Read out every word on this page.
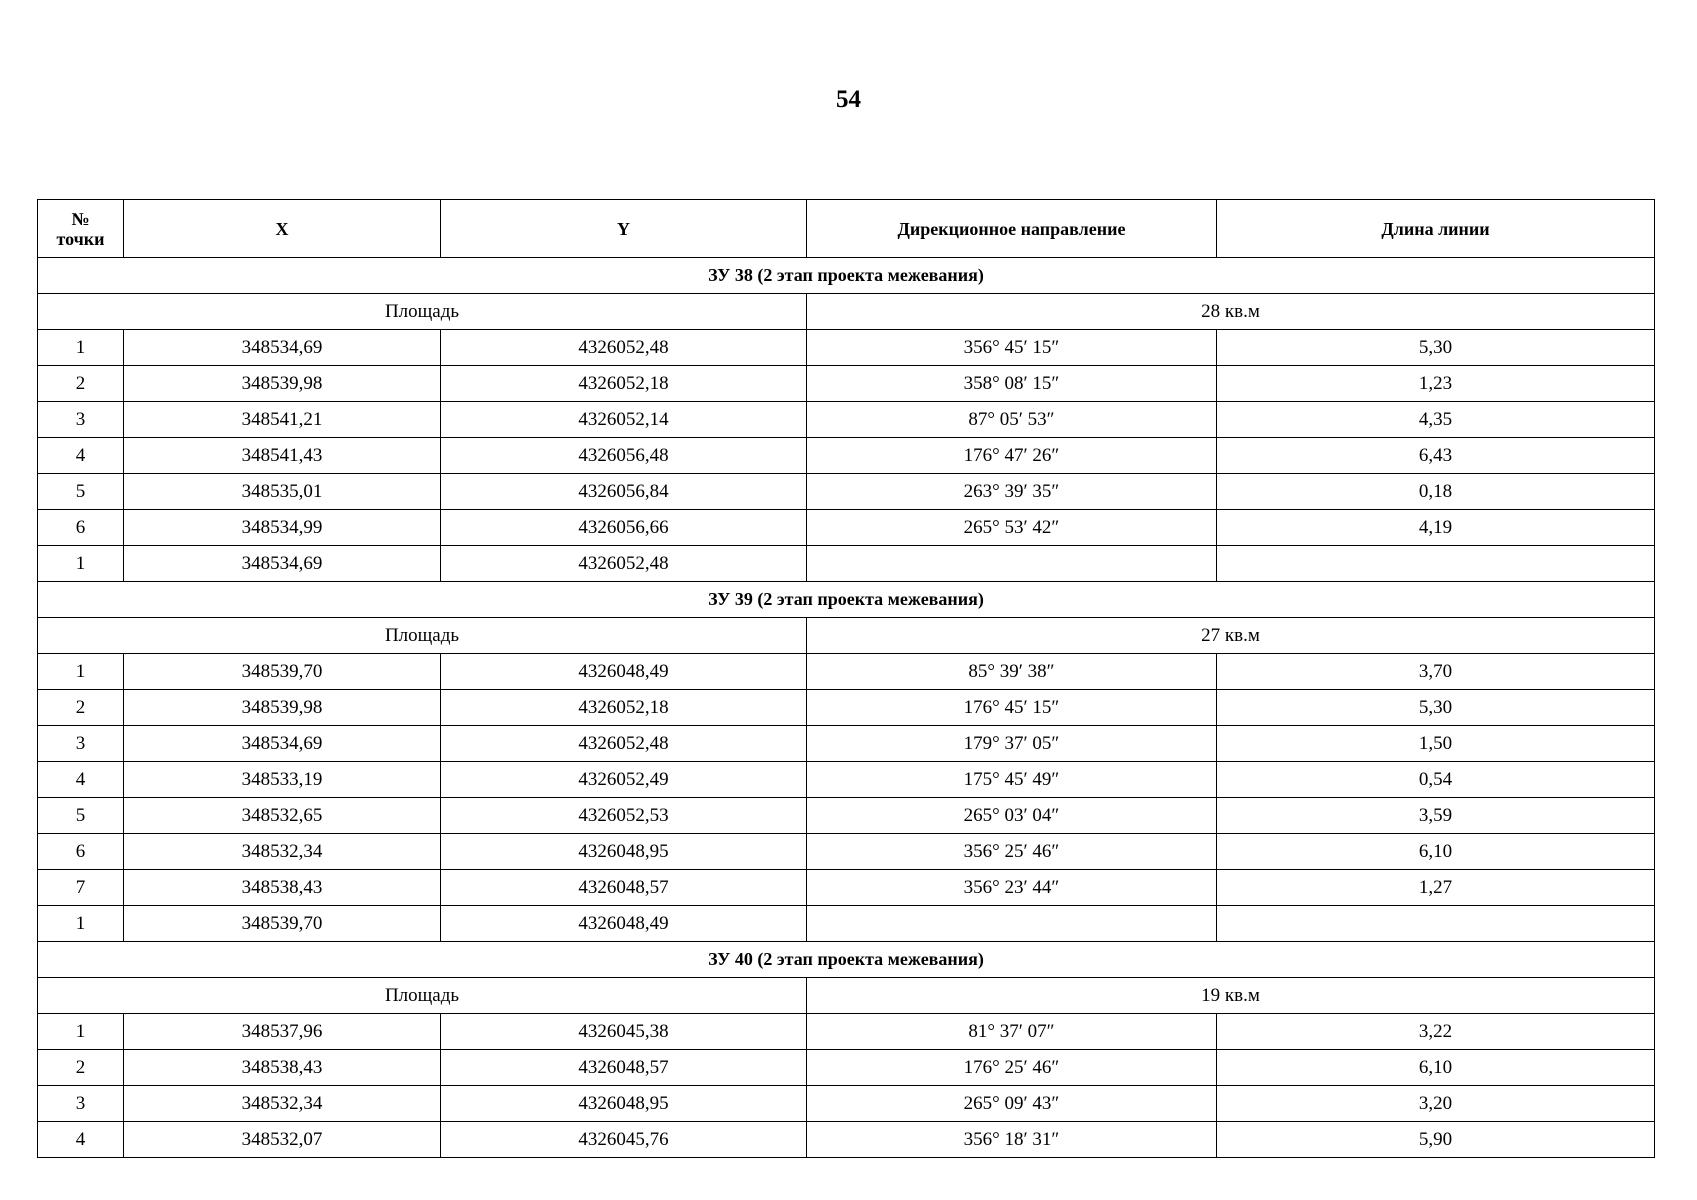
54
№
точки	X	Y	Дирекционное направление	Длина линии
ЗУ 38 (2 этап проекта межевания)				
Площадь			28 кв.м	
1	348534,69	4326052,48	356° 45′ 15″	5,30
2	348539,98	4326052,18	358° 08′ 15″	1,23
3	348541,21	4326052,14	87° 05′ 53″	4,35
4	348541,43	4326056,48	176° 47′ 26″	6,43
5	348535,01	4326056,84	263° 39′ 35″	0,18
6	348534,99	4326056,66	265° 53′ 42″	4,19
1	348534,69	4326052,48		
ЗУ 39 (2 этап проекта межевания)				
Площадь			27 кв.м	
1	348539,70	4326048,49	85° 39′ 38″	3,70
2	348539,98	4326052,18	176° 45′ 15″	5,30
3	348534,69	4326052,48	179° 37′ 05″	1,50
4	348533,19	4326052,49	175° 45′ 49″	0,54
5	348532,65	4326052,53	265° 03′ 04″	3,59
6	348532,34	4326048,95	356° 25′ 46″	6,10
7	348538,43	4326048,57	356° 23′ 44″	1,27
1	348539,70	4326048,49		
ЗУ 40 (2 этап проекта межевания)				
Площадь			19 кв.м	
1	348537,96	4326045,38	81° 37′ 07″	3,22
2	348538,43	4326048,57	176° 25′ 46″	6,10
3	348532,34	4326048,95	265° 09′ 43″	3,20
4	348532,07	4326045,76	356° 18′ 31″	5,90
